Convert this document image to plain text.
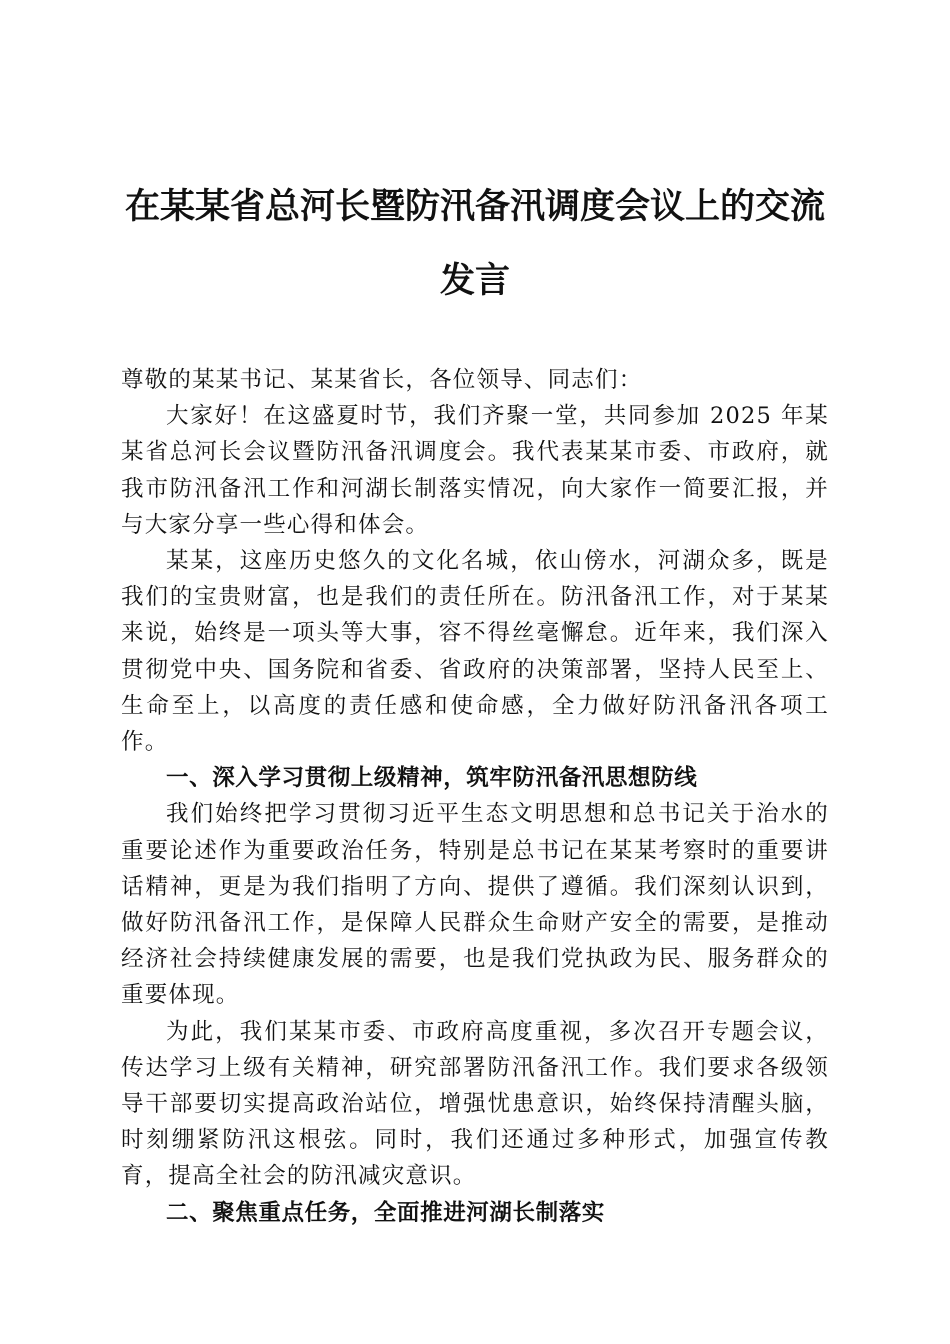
在某某省总河长暨防汛备汛调度会议上的交流
发言

尊敬的某某书记、某某省长，各位领导、同志们：

大家好！在这盛夏时节，我们齐聚一堂，共同参加 2025 年某某省总河长会议暨防汛备汛调度会。我代表某某市委、市政府，就我市防汛备汛工作和河湖长制落实情况，向大家作一简要汇报，并与大家分享一些心得和体会。

某某，这座历史悠久的文化名城，依山傍水，河湖众多，既是我们的宝贵财富，也是我们的责任所在。防汛备汛工作，对于某某来说，始终是一项头等大事，容不得丝毫懈怠。近年来，我们深入贯彻党中央、国务院和省委、省政府的决策部署，坚持人民至上、生命至上，以高度的责任感和使命感，全力做好防汛备汛各项工作。

一、深入学习贯彻上级精神，筑牢防汛备汛思想防线

我们始终把学习贯彻习近平生态文明思想和总书记关于治水的重要论述作为重要政治任务，特别是总书记在某某考察时的重要讲话精神，更是为我们指明了方向、提供了遵循。我们深刻认识到，做好防汛备汛工作，是保障人民群众生命财产安全的需要，是推动经济社会持续健康发展的需要，也是我们党执政为民、服务群众的重要体现。

为此，我们某某市委、市政府高度重视，多次召开专题会议，传达学习上级有关精神，研究部署防汛备汛工作。我们要求各级领导干部要切实提高政治站位，增强忧患意识，始终保持清醒头脑，时刻绷紧防汛这根弦。同时，我们还通过多种形式，加强宣传教育，提高全社会的防汛减灾意识。

二、聚焦重点任务，全面推进河湖长制落实
